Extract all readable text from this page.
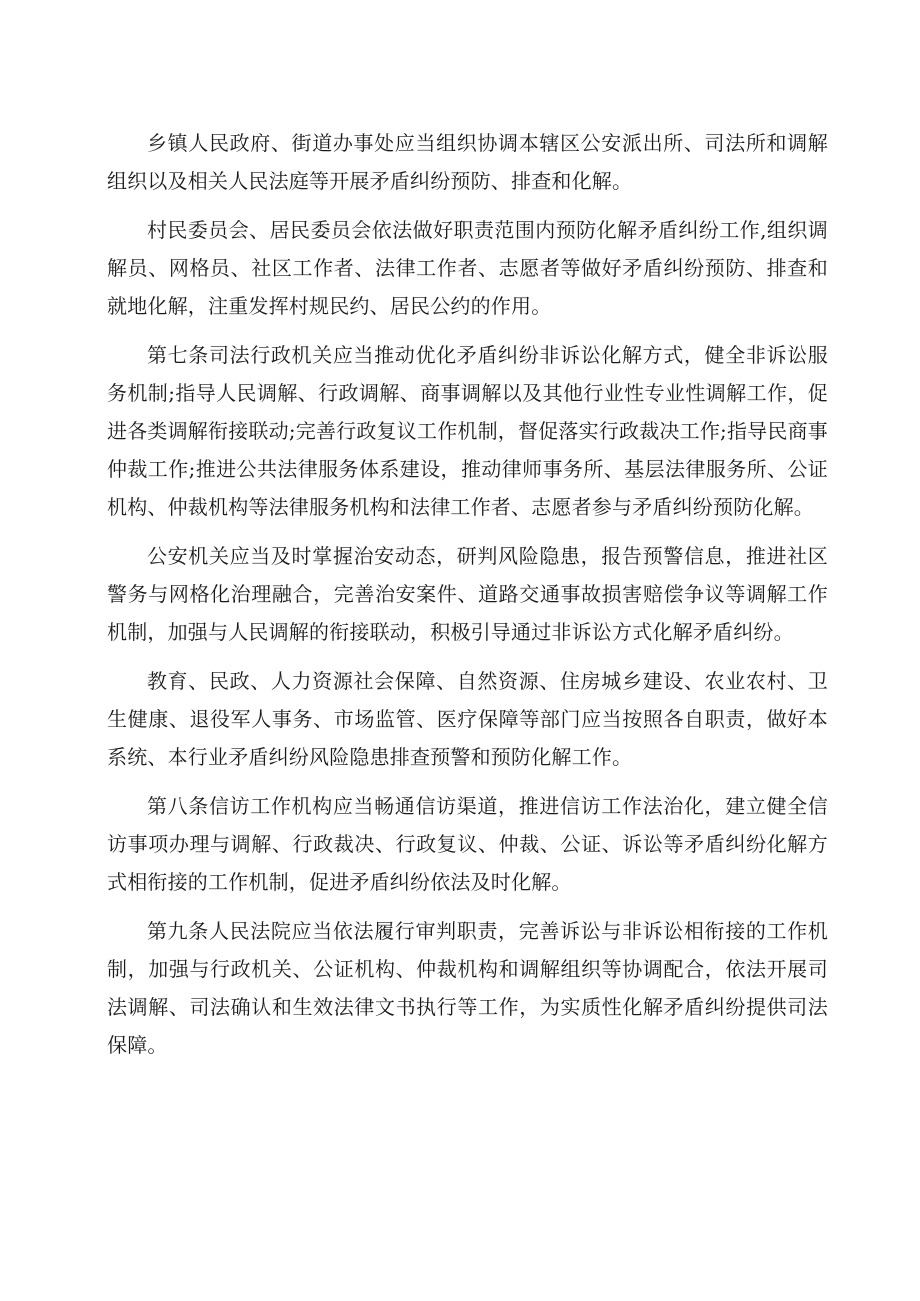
乡镇人民政府、街道办事处应当组织协调本辖区公安派出所、司法所和调解组织以及相关人民法庭等开展矛盾纠纷预防、排查和化解。

村民委员会、居民委员会依法做好职责范围内预防化解矛盾纠纷工作,组织调解员、网格员、社区工作者、法律工作者、志愿者等做好矛盾纠纷预防、排查和就地化解，注重发挥村规民约、居民公约的作用。

第七条司法行政机关应当推动优化矛盾纠纷非诉讼化解方式，健全非诉讼服务机制;指导人民调解、行政调解、商事调解以及其他行业性专业性调解工作，促进各类调解衔接联动;完善行政复议工作机制，督促落实行政裁决工作;指导民商事仲裁工作;推进公共法律服务体系建设，推动律师事务所、基层法律服务所、公证机构、仲裁机构等法律服务机构和法律工作者、志愿者参与矛盾纠纷预防化解。

公安机关应当及时掌握治安动态，研判风险隐患，报告预警信息，推进社区警务与网格化治理融合，完善治安案件、道路交通事故损害赔偿争议等调解工作机制，加强与人民调解的衔接联动，积极引导通过非诉讼方式化解矛盾纠纷。

教育、民政、人力资源社会保障、自然资源、住房城乡建设、农业农村、卫生健康、退役军人事务、市场监管、医疗保障等部门应当按照各自职责，做好本系统、本行业矛盾纠纷风险隐患排查预警和预防化解工作。

第八条信访工作机构应当畅通信访渠道，推进信访工作法治化，建立健全信访事项办理与调解、行政裁决、行政复议、仲裁、公证、诉讼等矛盾纠纷化解方式相衔接的工作机制，促进矛盾纠纷依法及时化解。

第九条人民法院应当依法履行审判职责，完善诉讼与非诉讼相衔接的工作机制，加强与行政机关、公证机构、仲裁机构和调解组织等协调配合，依法开展司法调解、司法确认和生效法律文书执行等工作，为实质性化解矛盾纠纷提供司法保障。
